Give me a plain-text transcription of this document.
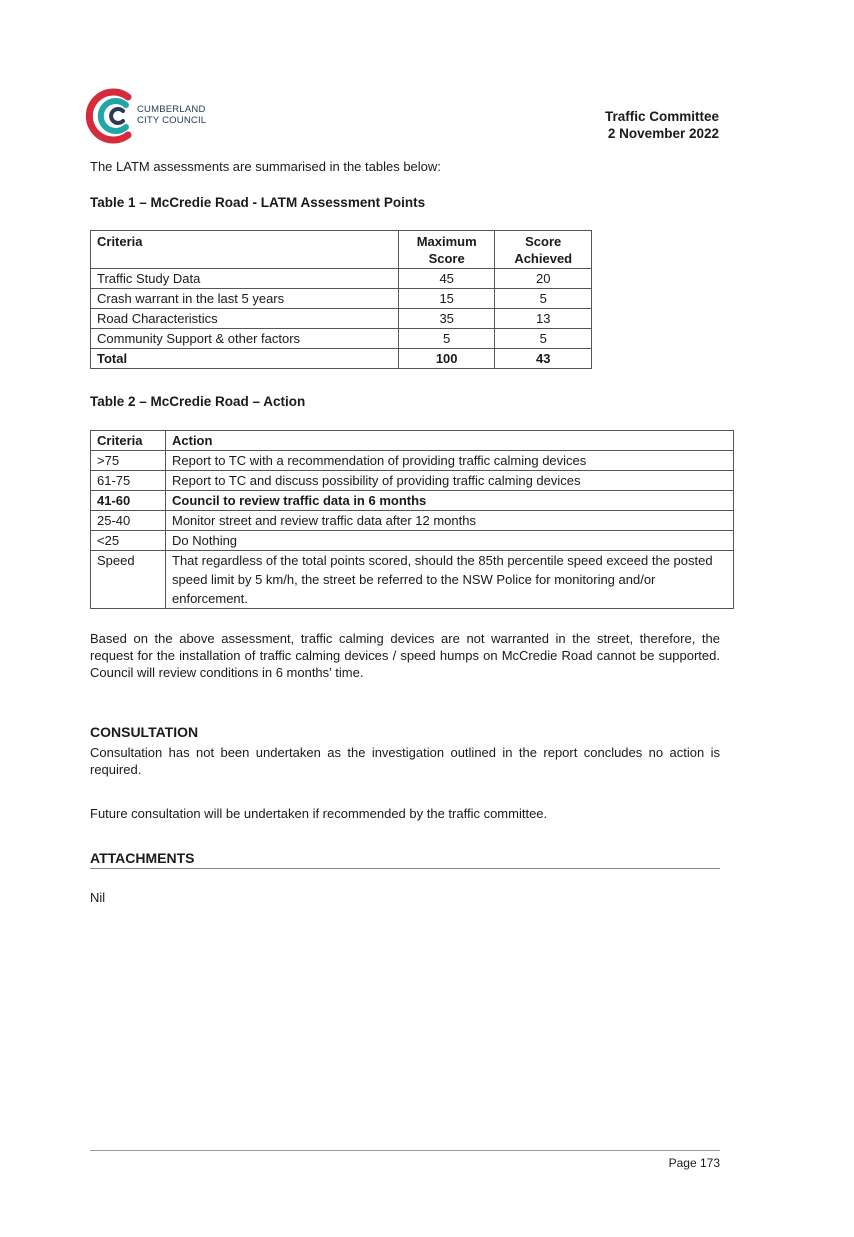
CUMBERLAND
CITY COUNCIL	Traffic Committee
2 November 2022
The LATM assessments are summarised in the tables below:
Table 1 – McCredie Road - LATM Assessment Points
Criteria	Maximum Score	Score Achieved
Traffic Study Data	45	20
Crash warrant in the last 5 years	15	5
Road Characteristics	35	13
Community Support & other factors	5	5
Total	100	43
Table 2 – McCredie Road – Action
Criteria	Action
>75	Report to TC with a recommendation of providing traffic calming devices
61-75	Report to TC and discuss possibility of providing traffic calming devices
41-60	Council to review traffic data in 6 months
25-40	Monitor street and review traffic data after 12 months
<25	Do Nothing
Speed	That regardless of the total points scored, should the 85th percentile speed exceed the posted speed limit by 5 km/h, the street be referred to the NSW Police for monitoring and/or enforcement.
Based on the above assessment, traffic calming devices are not warranted in the street, therefore, the request for the installation of traffic calming devices / speed humps on McCredie Road cannot be supported. Council will review conditions in 6 months' time.
CONSULTATION
Consultation has not been undertaken as the investigation outlined in the report concludes no action is required.
Future consultation will be undertaken if recommended by the traffic committee.
ATTACHMENTS
Nil
Page 173
